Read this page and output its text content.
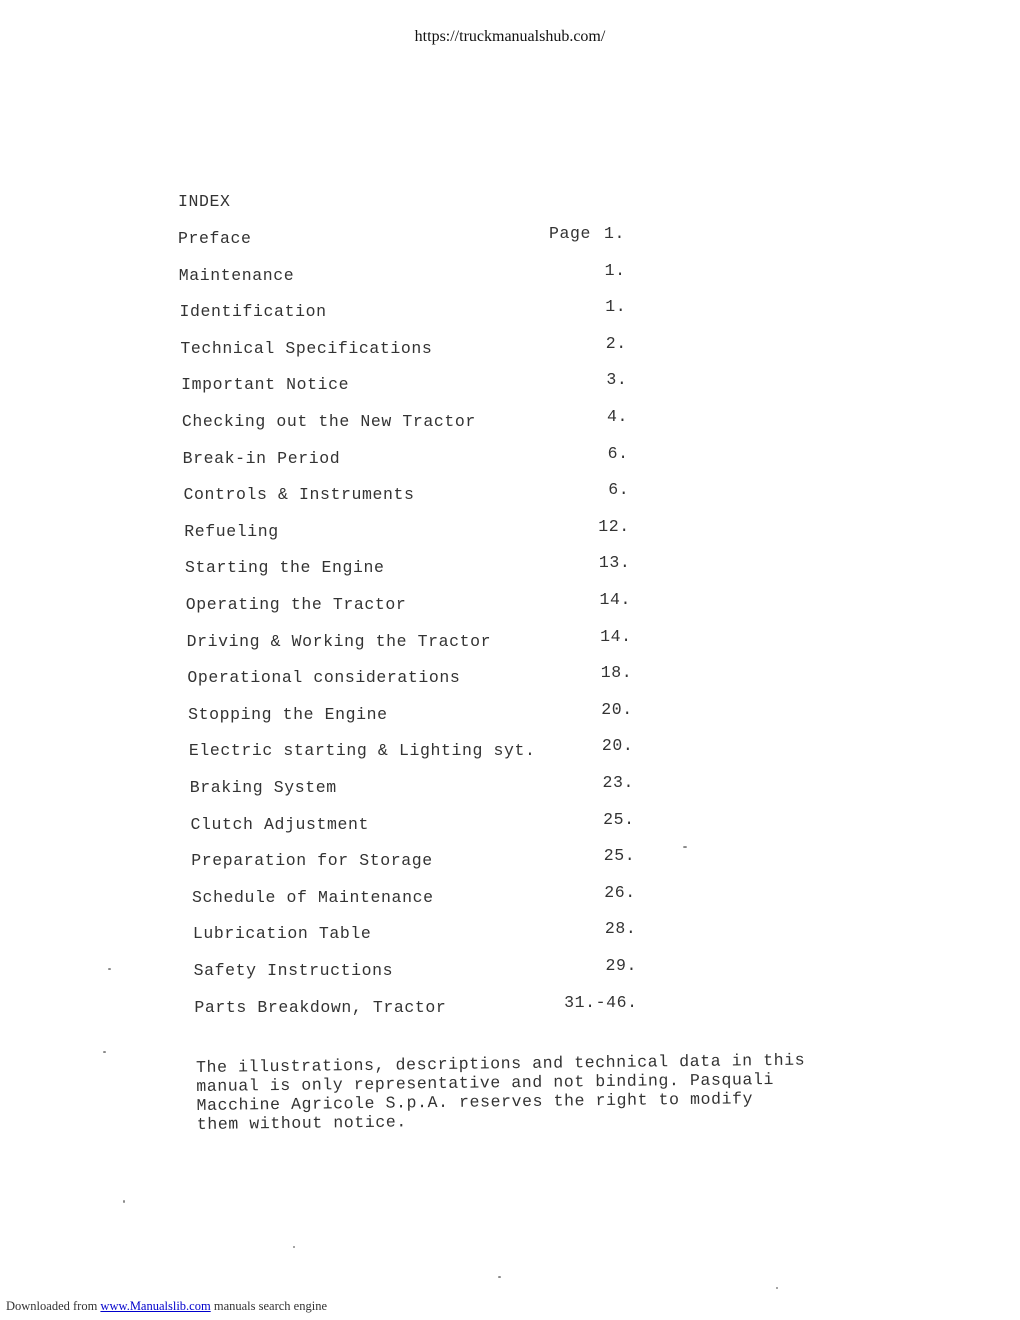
https://truckmanualshub.com/
INDEX
Preface	1.
Maintenance	1.
Identification	1.
Technical Specifications	2.
Important Notice	3.
Checking out the New Tractor	4.
Break-in Period	6.
Controls & Instruments	6.
Refueling	12.
Starting the Engine	13.
Operating the Tractor	14.
Driving & Working the Tractor	14.
Operational considerations	18.
Stopping the Engine	20.
Electric starting & Lighting syt.	20.
Braking System	23.
Clutch Adjustment	25.
Preparation for Storage	25.
Schedule of Maintenance	26.
Lubrication Table	28.
Safety Instructions	29.
Parts Breakdown, Tractor	31.-46.
Page
The illustrations, descriptions and technical data in this
manual is only representative and not binding. Pasquali
Macchine Agricole S.p.A. reserves the right to modify
them without notice.
Downloaded from www.Manualslib.com manuals search engine
